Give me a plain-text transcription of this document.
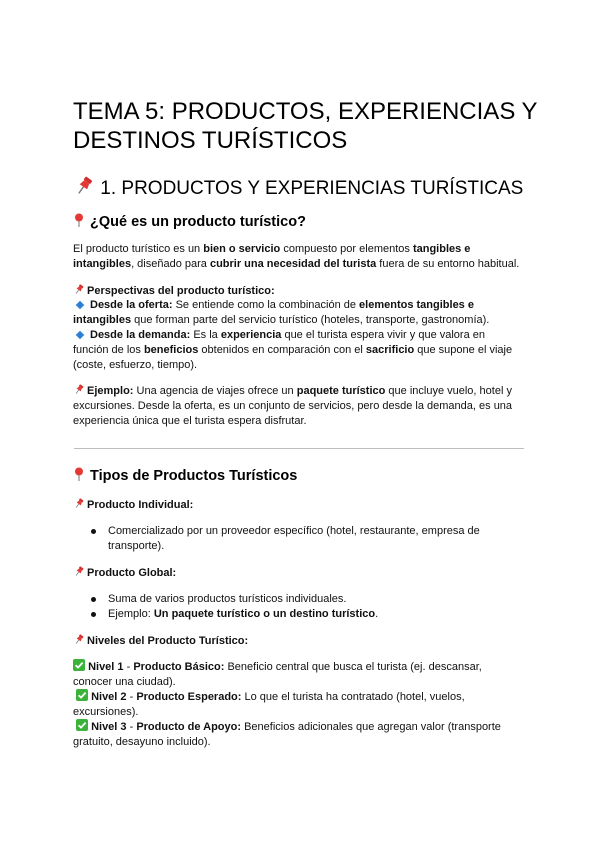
TEMA 5: PRODUCTOS, EXPERIENCIAS Y
DESTINOS TURÍSTICOS
1. PRODUCTOS Y EXPERIENCIAS TURÍSTICAS
¿Qué es un producto turístico?
El producto turístico es un bien o servicio compuesto por elementos tangibles e
intangibles, diseñado para cubrir una necesidad del turista fuera de su entorno habitual.
Perspectivas del producto turístico:
Desde la oferta: Se entiende como la combinación de elementos tangibles e
intangibles que forman parte del servicio turístico (hoteles, transporte, gastronomía).
Desde la demanda: Es la experiencia que el turista espera vivir y que valora en
función de los beneficios obtenidos en comparación con el sacrificio que supone el viaje
(coste, esfuerzo, tiempo).
Ejemplo: Una agencia de viajes ofrece un paquete turístico que incluye vuelo, hotel y
excursiones. Desde la oferta, es un conjunto de servicios, pero desde la demanda, es una
experiencia única que el turista espera disfrutar.
Tipos de Productos Turísticos
Producto Individual:
Comercializado por un proveedor específico (hotel, restaurante, empresa de
transporte).
Producto Global:
Suma de varios productos turísticos individuales.
Ejemplo: Un paquete turístico o un destino turístico.
Niveles del Producto Turístico:
Nivel 1 - Producto Básico: Beneficio central que busca el turista (ej. descansar,
conocer una ciudad).
Nivel 2 - Producto Esperado: Lo que el turista ha contratado (hotel, vuelos,
excursiones).
Nivel 3 - Producto de Apoyo: Beneficios adicionales que agregan valor (transporte
gratuito, desayuno incluido).
